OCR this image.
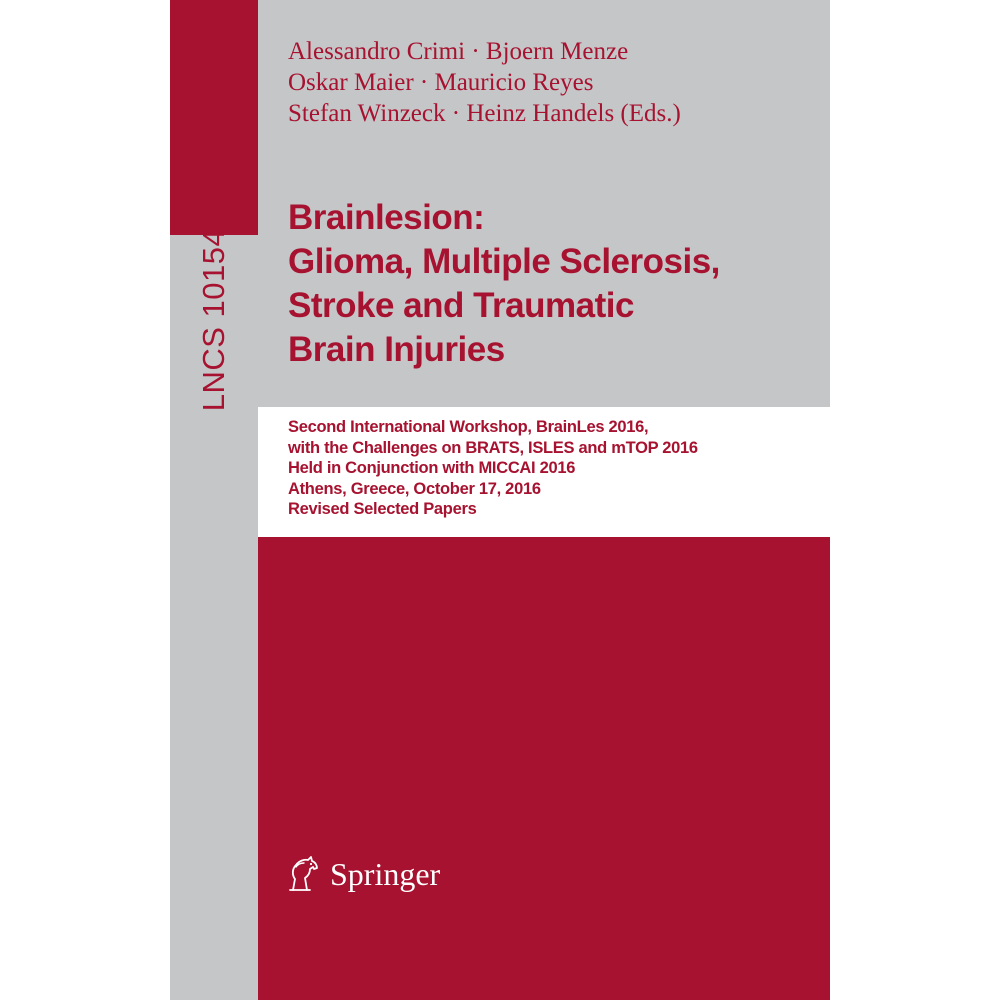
LNCS 10154
Alessandro Crimi · Bjoern Menze
Oskar Maier · Mauricio Reyes
Stefan Winzeck · Heinz Handels (Eds.)
Brainlesion:
Glioma, Multiple Sclerosis,
Stroke and Traumatic
Brain Injuries
Second International Workshop, BrainLes 2016,
with the Challenges on BRATS, ISLES and mTOP 2016
Held in Conjunction with MICCAI 2016
Athens, Greece, October 17, 2016
Revised Selected Papers
Springer
